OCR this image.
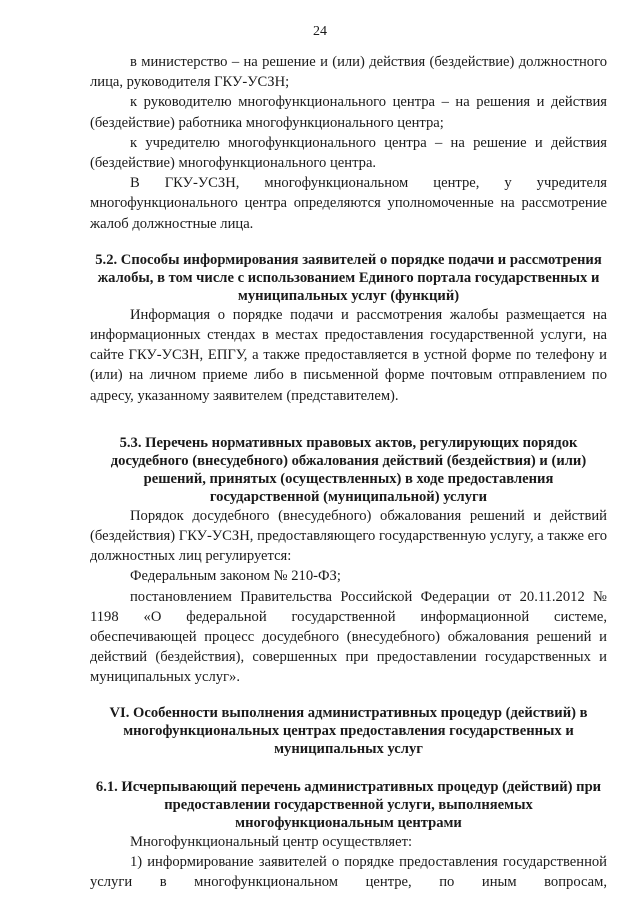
24

в министерство – на решение и (или) действия (бездействие) должностного лица, руководителя ГКУ-УСЗН;

к руководителю многофункционального центра – на решения и действия (бездействие) работника многофункционального центра;

к учредителю многофункционального центра – на решение и действия (бездействие) многофункционального центра.

В ГКУ-УСЗН, многофункциональном центре, у учредителя многофункционального центра определяются уполномоченные на рассмотрение жалоб должностные лица.

5.2. Способы информирования заявителей о порядке подачи и рассмотрения жалобы, в том числе с использованием Единого портала государственных и муниципальных услуг (функций)

Информация о порядке подачи и рассмотрения жалобы размещается на информационных стендах в местах предоставления государственной услуги, на сайте ГКУ-УСЗН, ЕПГУ, а также предоставляется в устной форме по телефону и (или) на личном приеме либо в письменной форме почтовым отправлением по адресу, указанному заявителем (представителем).

5.3. Перечень нормативных правовых актов, регулирующих порядок досудебного (внесудебного) обжалования действий (бездействия) и (или) решений, принятых (осуществленных) в ходе предоставления государственной (муниципальной) услуги

Порядок досудебного (внесудебного) обжалования решений и действий (бездействия) ГКУ-УСЗН, предоставляющего государственную услугу, а также его должностных лиц регулируется:

Федеральным законом № 210-ФЗ;

постановлением Правительства Российской Федерации от 20.11.2012 № 1198 «О федеральной государственной информационной системе, обеспечивающей процесс досудебного (внесудебного) обжалования решений и действий (бездействия), совершенных при предоставлении государственных и муниципальных услуг».

VI. Особенности выполнения административных процедур (действий) в многофункциональных центрах предоставления государственных и муниципальных услуг
6.1. Исчерпывающий перечень административных процедур (действий) при предоставлении государственной услуги, выполняемых многофункциональным центрами

Многофункциональный центр осуществляет:

1) информирование заявителей о порядке предоставления государственной услуги в многофункциональном центре, по иным вопросам,
